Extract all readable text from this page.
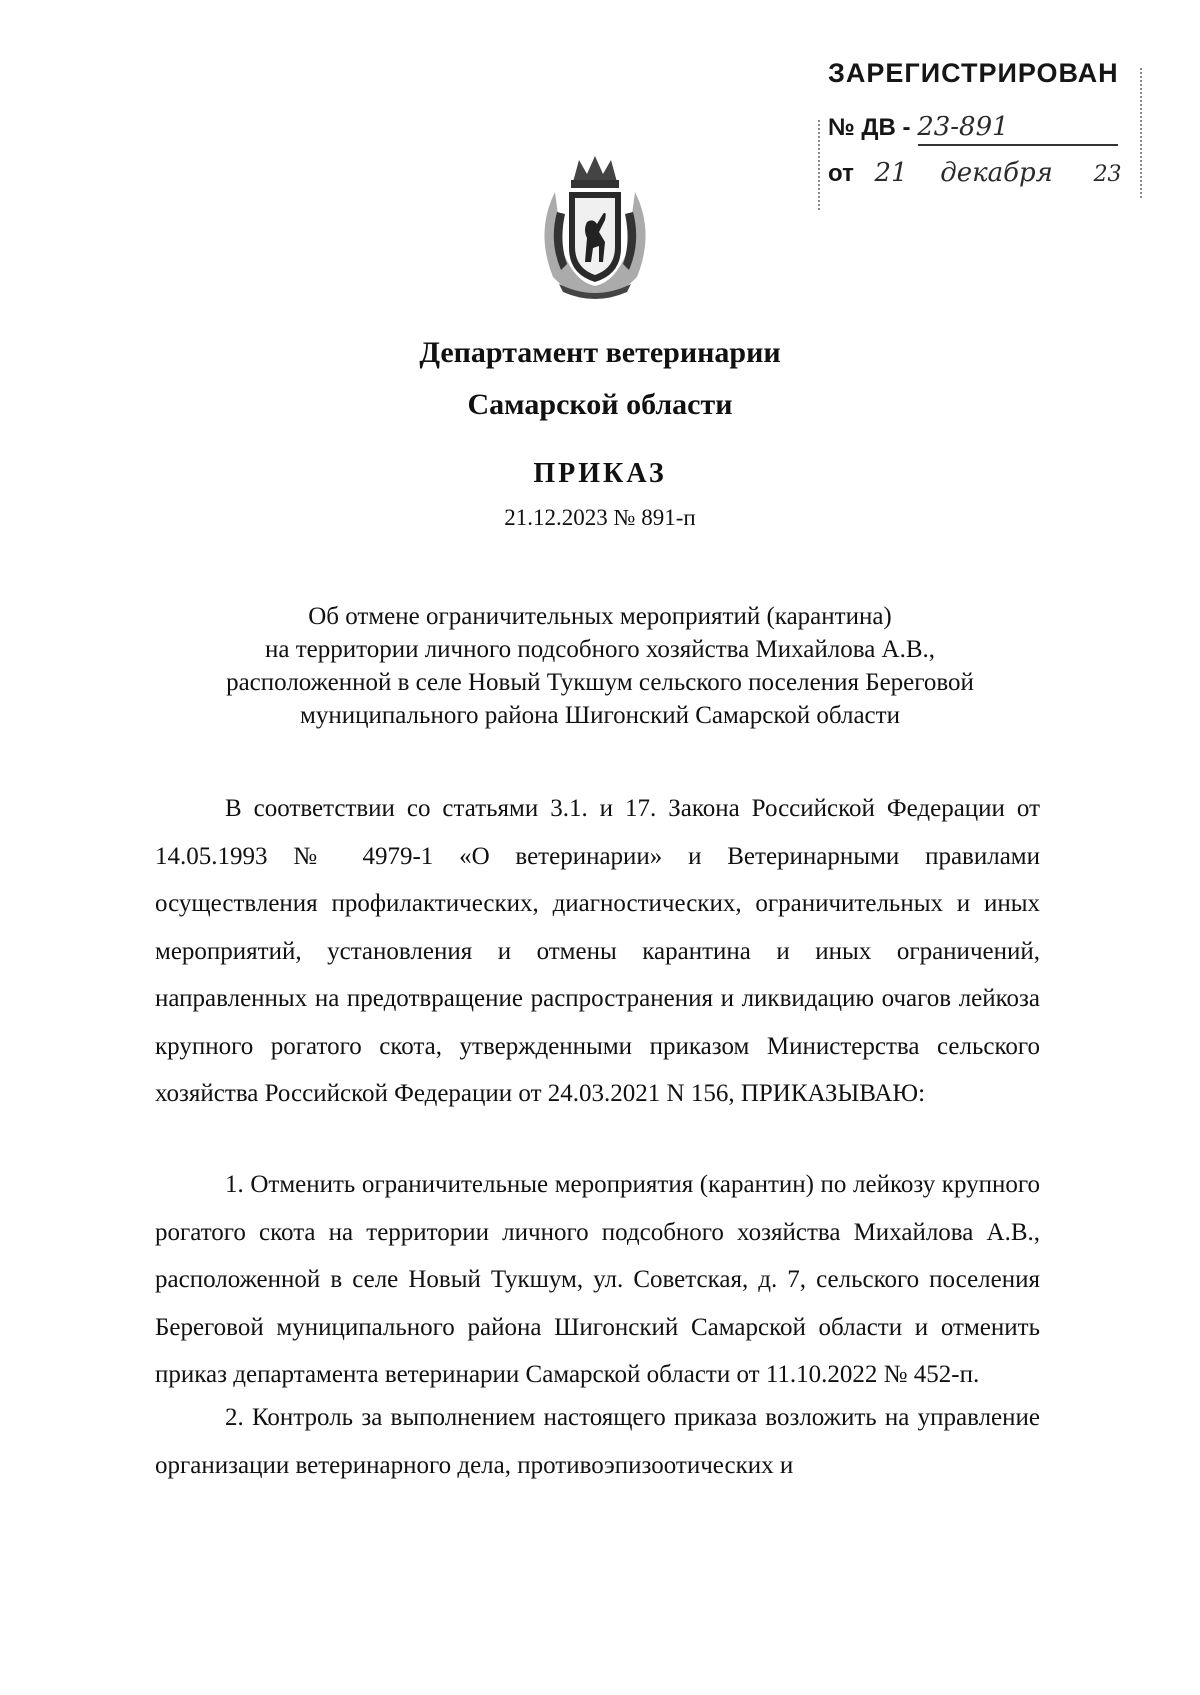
ЗАРЕГИСТРИРОВАН
№ ДВ - 23-891
от 21 декабря 23
Департамент ветеринарии
Самарской области
ПРИКАЗ
21.12.2023 № 891-п
Об отмене ограничительных мероприятий (карантина)
на территории личного подсобного хозяйства Михайлова А.В.,
расположенной в селе Новый Тукшум сельского поселения Береговой
муниципального района Шигонский Самарской области
В соответствии со статьями 3.1. и 17. Закона Российской Федерации от 14.05.1993 № 4979-1 «О ветеринарии» и Ветеринарными правилами осуществления профилактических, диагностических, ограничительных и иных мероприятий, установления и отмены карантина и иных ограничений, направленных на предотвращение распространения и ликвидацию очагов лейкоза крупного рогатого скота, утвержденными приказом Министерства сельского хозяйства Российской Федерации от 24.03.2021 N 156, ПРИКАЗЫВАЮ:
1. Отменить ограничительные мероприятия (карантин) по лейкозу крупного рогатого скота на территории личного подсобного хозяйства Михайлова А.В., расположенной в селе Новый Тукшум, ул. Советская, д. 7, сельского поселения Береговой муниципального района Шигонский Самарской области и отменить приказ департамента ветеринарии Самарской области от 11.10.2022 № 452-п.
2. Контроль за выполнением настоящего приказа возложить на управление организации ветеринарного дела, противоэпизоотических и
